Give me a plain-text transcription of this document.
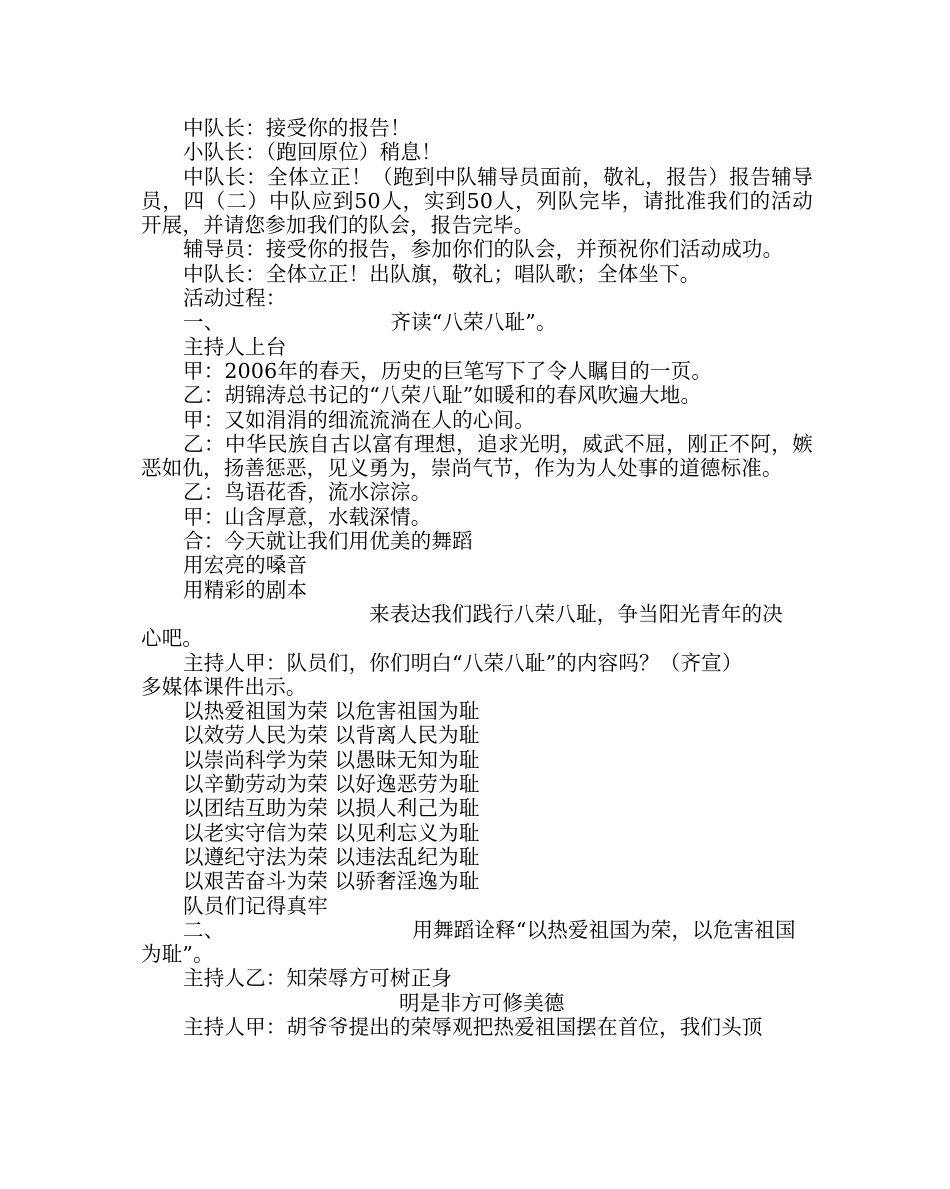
中队长：接受你的报告！
小队长：（跑回原位）稍息！
中队长：全体立正！（跑到中队辅导员面前，敬礼，报告）报告辅导员，四（二）中队应到50人，实到50人，列队完毕，请批准我们的活动开展，并请您参加我们的队会，报告完毕。
辅导员：接受你的报告，参加你们的队会，并预祝你们活动成功。
中队长：全体立正！出队旗，敬礼；唱队歌；全体坐下。
活动过程：
一、	齐读“八荣八耻”。
主持人上台
甲：2006年的春天，历史的巨笔写下了令人瞩目的一页。
乙：胡锦涛总书记的“八荣八耻”如暖和的春风吹遍大地。
甲：又如涓涓的细流流淌在人的心间。
乙：中华民族自古以富有理想，追求光明，威武不屈，刚正不阿，嫉恶如仇，扬善惩恶，见义勇为，崇尚气节，作为为人处事的道德标准。
乙：鸟语花香，流水淙淙。
甲：山含厚意，水载深情。
合：今天就让我们用优美的舞蹈
用宏亮的嗓音
用精彩的剧本
来表达我们践行八荣八耻，争当阳光青年的决
心吧。
主持人甲：队员们，你们明白“八荣八耻”的内容吗？（齐宣）
多媒体课件出示。
以热爱祖国为荣 以危害祖国为耻
以效劳人民为荣 以背离人民为耻
以崇尚科学为荣 以愚昧无知为耻
以辛勤劳动为荣 以好逸恶劳为耻
以团结互助为荣 以损人利己为耻
以老实守信为荣 以见利忘义为耻
以遵纪守法为荣 以违法乱纪为耻
以艰苦奋斗为荣 以骄奢淫逸为耻
队员们记得真牢
二、	用舞蹈诠释“以热爱祖国为荣，以危害祖国
为耻”。
主持人乙：知荣辱方可树正身
明是非方可修美德
主持人甲：胡爷爷提出的荣辱观把热爱祖国摆在首位，我们头顶
